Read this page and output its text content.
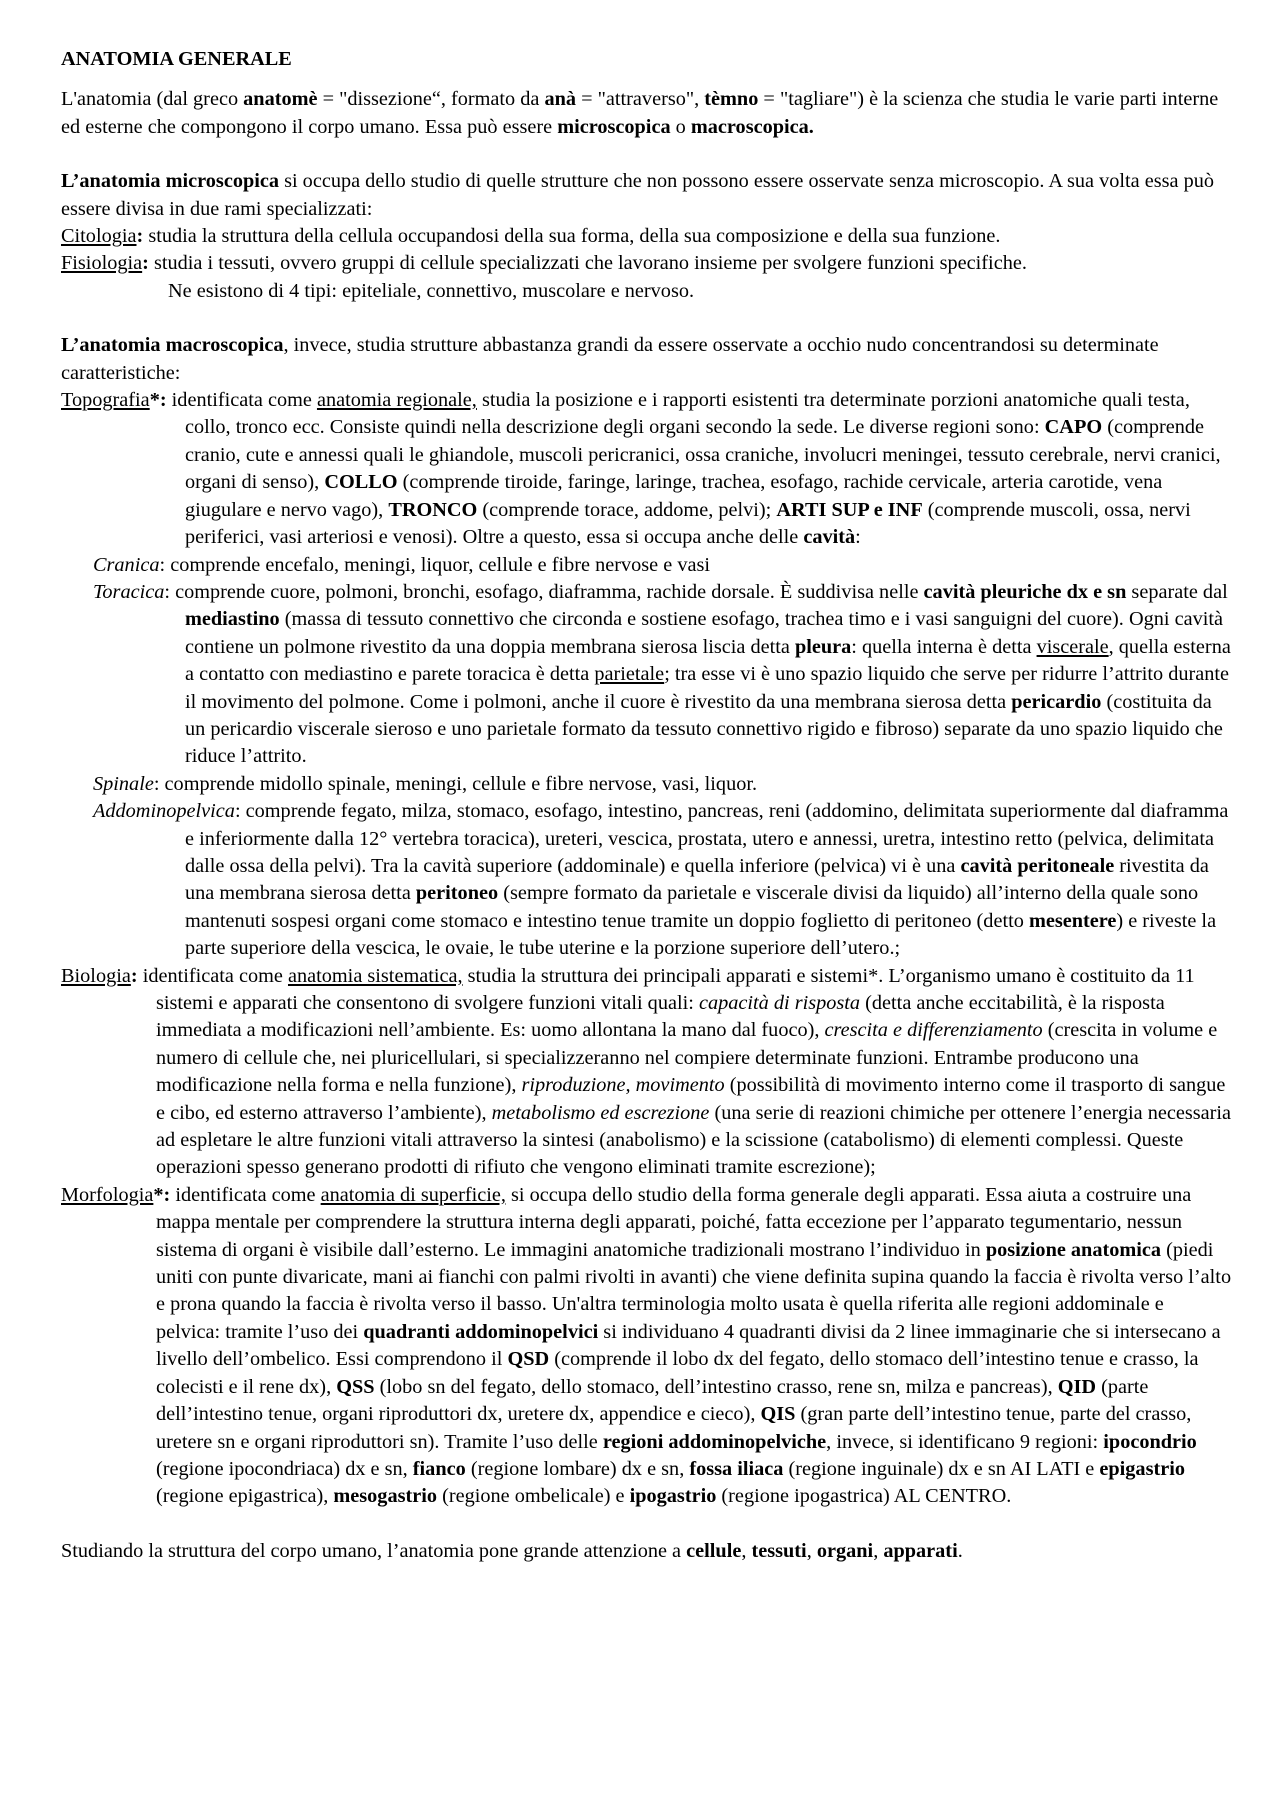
ANATOMIA GENERALE

L'anatomia (dal greco anatomè = "dissezione“, formato da anà = "attraverso", tèmno = "tagliare") è la scienza che studia le varie parti interne ed esterne che compongono il corpo umano. Essa può essere microscopica o macroscopica.

L’anatomia microscopica si occupa dello studio di quelle strutture che non possono essere osservate senza microscopio. A sua volta essa può essere divisa in due rami specializzati:

Citologia: studia la struttura della cellula occupandosi della sua forma, della sua composizione e della sua funzione.

Fisiologia: studia i tessuti, ovvero gruppi di cellule specializzati che lavorano insieme per svolgere funzioni specifiche.

Ne esistono di 4 tipi: epiteliale, connettivo, muscolare e nervoso.

L’anatomia macroscopica, invece, studia strutture abbastanza grandi da essere osservate a occhio nudo concentrandosi su determinate caratteristiche:

Topografia*: identificata come anatomia regionale, studia la posizione e i rapporti esistenti tra determinate porzioni anatomiche quali testa, collo, tronco ecc. Consiste quindi nella descrizione degli organi secondo la sede. Le diverse regioni sono: CAPO (comprende cranio, cute e annessi quali le ghiandole, muscoli pericranici, ossa craniche, involucri meningei, tessuto cerebrale, nervi cranici, organi di senso), COLLO (comprende tiroide, faringe, laringe, trachea, esofago, rachide cervicale, arteria carotide, vena giugulare e nervo vago), TRONCO (comprende torace, addome, pelvi); ARTI SUP e INF (comprende muscoli, ossa, nervi periferici, vasi arteriosi e venosi). Oltre a questo, essa si occupa anche delle cavità:

Cranica: comprende encefalo, meningi, liquor, cellule e fibre nervose e vasi

Toracica: comprende cuore, polmoni, bronchi, esofago, diaframma, rachide dorsale. È suddivisa nelle cavità pleuriche dx e sn separate dal mediastino (massa di tessuto connettivo che circonda e sostiene esofago, trachea timo e i vasi sanguigni del cuore). Ogni cavità contiene un polmone rivestito da una doppia membrana sierosa liscia detta pleura: quella interna è detta viscerale, quella esterna a contatto con mediastino e parete toracica è detta parietale; tra esse vi è uno spazio liquido che serve per ridurre l’attrito durante il movimento del polmone. Come i polmoni, anche il cuore è rivestito da una membrana sierosa detta pericardio (costituita da un pericardio viscerale sieroso e uno parietale formato da tessuto connettivo rigido e fibroso) separate da uno spazio liquido che riduce l’attrito.

Spinale: comprende midollo spinale, meningi, cellule e fibre nervose, vasi, liquor.

Addominopelvica: comprende fegato, milza, stomaco, esofago, intestino, pancreas, reni (addomino, delimitata superiormente dal diaframma e inferiormente dalla 12° vertebra toracica), ureteri, vescica, prostata, utero e annessi, uretra, intestino retto (pelvica, delimitata dalle ossa della pelvi). Tra la cavità superiore (addominale) e quella inferiore (pelvica) vi è una cavità peritoneale rivestita da una membrana sierosa detta peritoneo (sempre formato da parietale e viscerale divisi da liquido) all’interno della quale sono mantenuti sospesi organi come stomaco e intestino tenue tramite un doppio foglietto di peritoneo (detto mesentere) e riveste la parte superiore della vescica, le ovaie, le tube uterine e la porzione superiore dell’utero.;

Biologia: identificata come anatomia sistematica, studia la struttura dei principali apparati e sistemi*. L’organismo umano è costituito da 11 sistemi e apparati che consentono di svolgere funzioni vitali quali: capacità di risposta (detta anche eccitabilità, è la risposta immediata a modificazioni nell’ambiente. Es: uomo allontana la mano dal fuoco), crescita e differenziamento (crescita in volume e numero di cellule che, nei pluricellulari, si specializzeranno nel compiere determinate funzioni. Entrambe producono una modificazione nella forma e nella funzione), riproduzione, movimento (possibilità di movimento interno come il trasporto di sangue e cibo, ed esterno attraverso l’ambiente), metabolismo ed escrezione (una serie di reazioni chimiche per ottenere l’energia necessaria ad espletare le altre funzioni vitali attraverso la sintesi (anabolismo) e la scissione (catabolismo) di elementi complessi. Queste operazioni spesso generano prodotti di rifiuto che vengono eliminati tramite escrezione);

Morfologia*: identificata come anatomia di superficie, si occupa dello studio della forma generale degli apparati. Essa aiuta a costruire una mappa mentale per comprendere la struttura interna degli apparati, poiché, fatta eccezione per l’apparato tegumentario, nessun sistema di organi è visibile dall’esterno. Le immagini anatomiche tradizionali mostrano l’individuo in posizione anatomica (piedi uniti con punte divaricate, mani ai fianchi con palmi rivolti in avanti) che viene definita supina quando la faccia è rivolta verso l’alto e prona quando la faccia è rivolta verso il basso. Un'altra terminologia molto usata è quella riferita alle regioni addominale e pelvica: tramite l’uso dei quadranti addominopelvici si individuano 4 quadranti divisi da 2 linee immaginarie che si intersecano a livello dell’ombelico. Essi comprendono il QSD (comprende il lobo dx del fegato, dello stomaco dell’intestino tenue e crasso, la colecisti e il rene dx), QSS (lobo sn del fegato, dello stomaco, dell’intestino crasso, rene sn, milza e pancreas), QID (parte dell’intestino tenue, organi riproduttori dx, uretere dx, appendice e cieco), QIS (gran parte dell’intestino tenue, parte del crasso, uretere sn e organi riproduttori sn). Tramite l’uso delle regioni addominopelviche, invece, si identificano 9 regioni: ipocondrio (regione ipocondriaca) dx e sn, fianco (regione lombare) dx e sn, fossa iliaca (regione inguinale) dx e sn AI LATI e epigastrio (regione epigastrica), mesogastrio (regione ombelicale) e ipogastrio (regione ipogastrica) AL CENTRO.

Studiando la struttura del corpo umano, l’anatomia pone grande attenzione a cellule, tessuti, organi, apparati.
